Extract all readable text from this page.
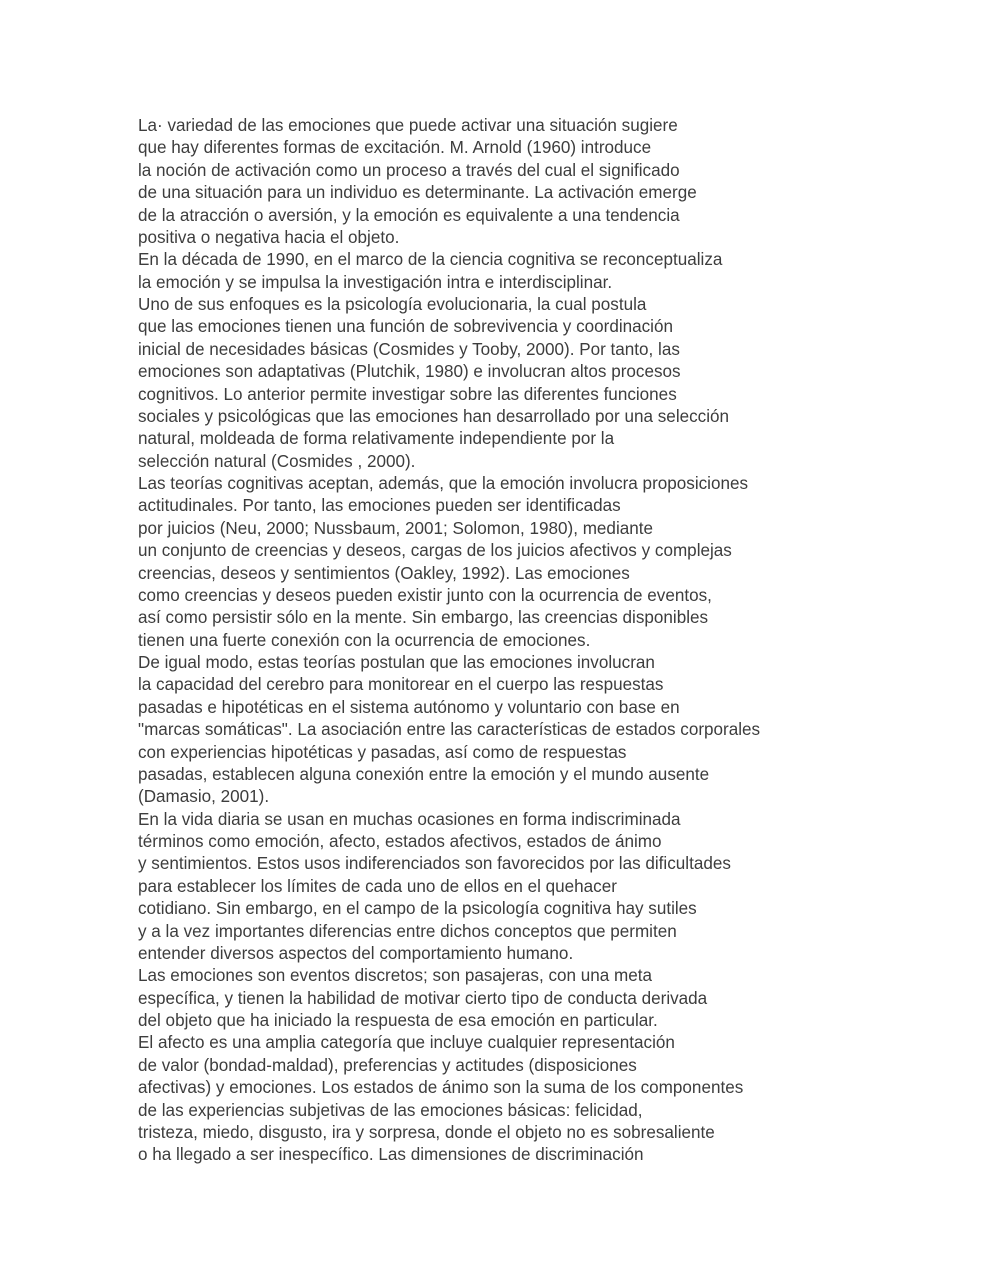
La· variedad de las emociones que puede activar una situación sugiere
que hay diferentes formas de excitación. M. Arnold (1960) introduce
la noción de activación como un proceso a través del cual el significado
de una situación para un individuo es determinante. La activación emerge
de la atracción o aversión, y la emoción es equivalente a una tendencia
positiva o negativa hacia el objeto.
En la década de 1990, en el marco de la ciencia cognitiva se reconceptualiza
la emoción y se impulsa la investigación intra e interdisciplinar.
Uno de sus enfoques es la psicología evolucionaria, la cual postula
que las emociones tienen una función de sobrevivencia y coordinación
inicial de necesidades básicas (Cosmides y Tooby, 2000). Por tanto, las
emociones son adaptativas (Plutchik, 1980) e involucran altos procesos
cognitivos. Lo anterior permite investigar sobre las diferentes funciones
sociales y psicológicas que las emociones han desarrollado por una selección
natural, moldeada de forma relativamente independiente por la
selección natural (Cosmides , 2000).
Las teorías cognitivas aceptan, además, que la emoción involucra proposiciones
actitudinales. Por tanto, las emociones pueden ser identificadas
por juicios (Neu, 2000; Nussbaum, 2001; Solomon, 1980), mediante
un conjunto de creencias y deseos, cargas de los juicios afectivos y complejas
creencias, deseos y sentimientos (Oakley, 1992). Las emociones
como creencias y deseos pueden existir junto con la ocurrencia de eventos,
así como persistir sólo en la mente. Sin embargo, las creencias disponibles
tienen una fuerte conexión con la ocurrencia de emociones.
De igual modo, estas teorías postulan que las emociones involucran
la capacidad del cerebro para monitorear en el cuerpo las respuestas
pasadas e hipotéticas en el sistema autónomo y voluntario con base en
"marcas somáticas". La asociación entre las características de estados corporales
con experiencias hipotéticas y pasadas, así como de respuestas
pasadas, establecen alguna conexión entre la emoción y el mundo ausente
(Damasio, 2001).
En la vida diaria se usan en muchas ocasiones en forma indiscriminada
términos como emoción, afecto, estados afectivos, estados de ánimo
y sentimientos. Estos usos indiferenciados son favorecidos por las dificultades
para establecer los límites de cada uno de ellos en el quehacer
cotidiano. Sin embargo, en el campo de la psicología cognitiva hay sutiles
y a la vez importantes diferencias entre dichos conceptos que permiten
entender diversos aspectos del comportamiento humano.
Las emociones son eventos discretos; son pasajeras, con una meta
específica, y tienen la habilidad de motivar cierto tipo de conducta derivada
del objeto que ha iniciado la respuesta de esa emoción en particular.
El afecto es una amplia categoría que incluye cualquier representación
de valor (bondad-maldad), preferencias y actitudes (disposiciones
afectivas) y emociones. Los estados de ánimo son la suma de los componentes
de las experiencias subjetivas de las emociones básicas: felicidad,
tristeza, miedo, disgusto, ira y sorpresa, donde el objeto no es sobresaliente
o ha llegado a ser inespecífico. Las dimensiones de discriminación
